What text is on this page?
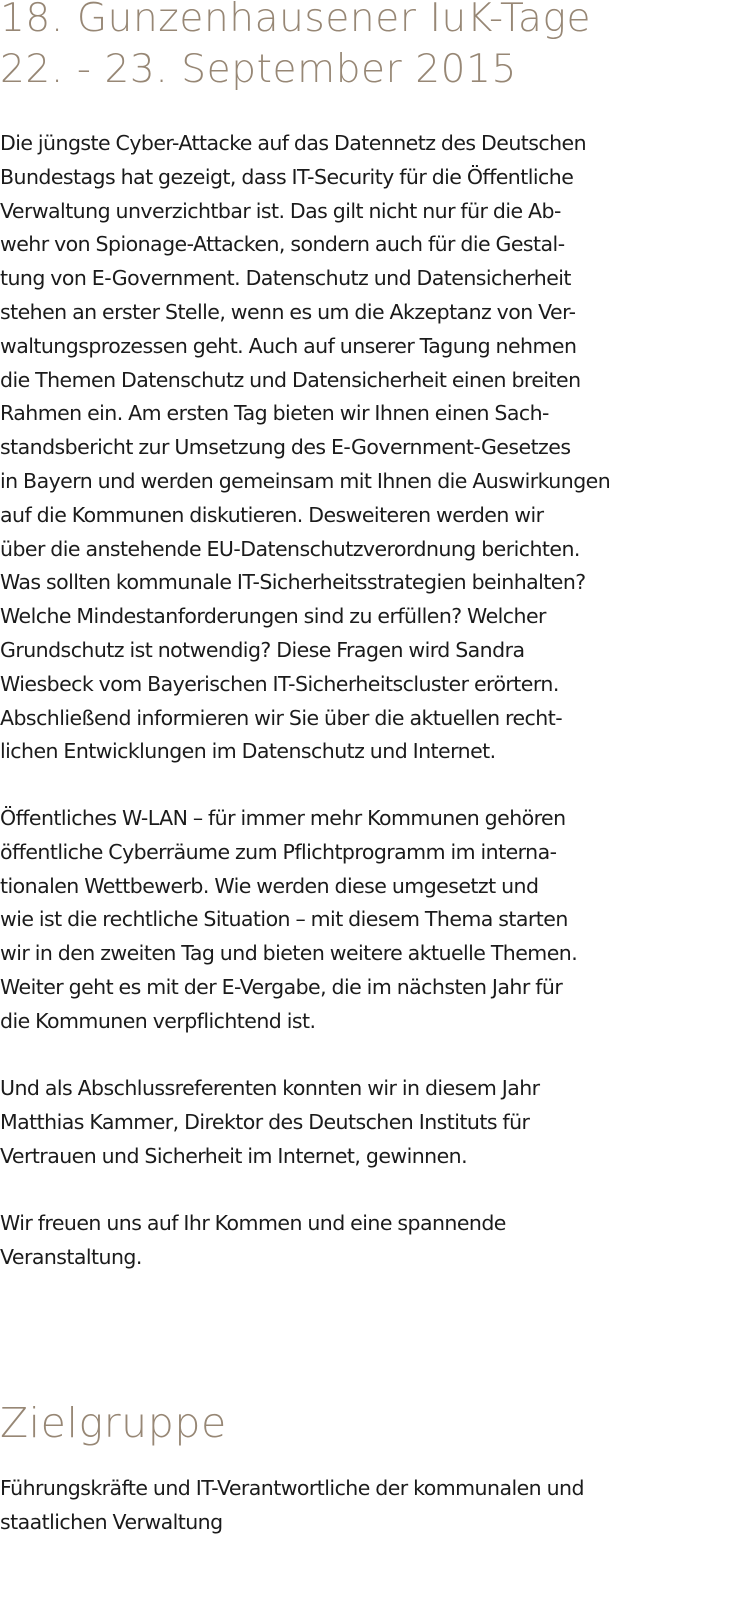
18. Gunzenhausener IuK-Tage
22. - 23. September 2015

Die jüngste Cyber-Attacke auf das Datennetz des Deutschen
Bundestags hat gezeigt, dass IT-Security für die Öffentliche
Verwaltung unverzichtbar ist. Das gilt nicht nur für die Ab-
wehr von Spionage-Attacken, sondern auch für die Gestal-
tung von E-Government. Datenschutz und Datensicherheit
stehen an erster Stelle, wenn es um die Akzeptanz von Ver-
waltungsprozessen geht. Auch auf unserer Tagung nehmen
die Themen Datenschutz und Datensicherheit einen breiten
Rahmen ein. Am ersten Tag bieten wir Ihnen einen Sach-
standsbericht zur Umsetzung des E-Government-Gesetzes
in Bayern und werden gemeinsam mit Ihnen die Auswirkungen
auf die Kommunen diskutieren. Desweiteren werden wir
über die anstehende EU-Datenschutzverordnung berichten.
Was sollten kommunale IT-Sicherheitsstrategien beinhalten?
Welche Mindestanforderungen sind zu erfüllen? Welcher
Grundschutz ist notwendig? Diese Fragen wird Sandra
Wiesbeck vom Bayerischen IT-Sicherheitscluster erörtern.
Abschließend informieren wir Sie über die aktuellen recht-
lichen Entwicklungen im Datenschutz und Internet.

Öffentliches W-LAN – für immer mehr Kommunen gehören
öffentliche Cyberräume zum Pflichtprogramm im interna-
tionalen Wettbewerb. Wie werden diese umgesetzt und
wie ist die rechtliche Situation – mit diesem Thema starten
wir in den zweiten Tag und bieten weitere aktuelle Themen.
Weiter geht es mit der E-Vergabe, die im nächsten Jahr für
die Kommunen verpflichtend ist.

Und als Abschlussreferenten konnten wir in diesem Jahr
Matthias Kammer, Direktor des Deutschen Instituts für
Vertrauen und Sicherheit im Internet, gewinnen.

Wir freuen uns auf Ihr Kommen und eine spannende
Veranstaltung.

Zielgruppe

Führungskräfte und IT-Verantwortliche der kommunalen und
staatlichen Verwaltung
